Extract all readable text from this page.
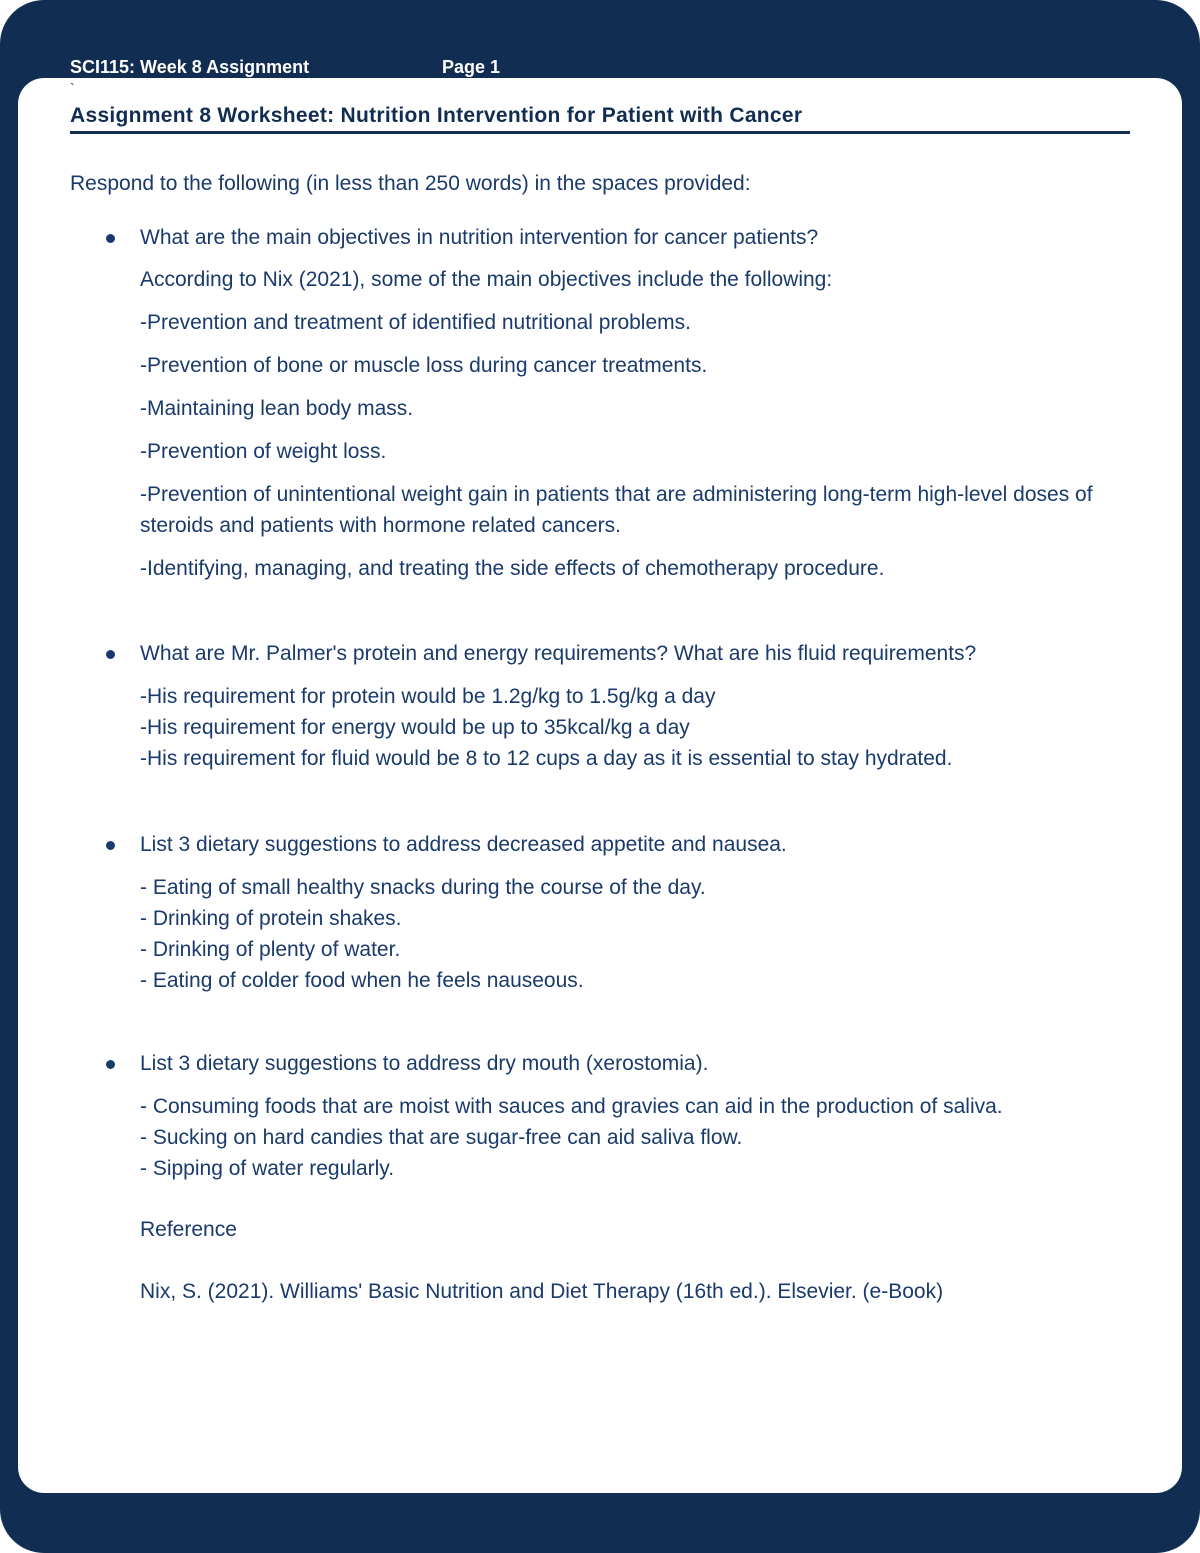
SCI115: Week 8 Assignment	Page 1
`
Assignment 8 Worksheet: Nutrition Intervention for Patient with Cancer
Respond to the following (in less than 250 words) in the spaces provided:
What are the main objectives in nutrition intervention for cancer patients?

According to Nix (2021), some of the main objectives include the following:

-Prevention and treatment of identified nutritional problems.

-Prevention of bone or muscle loss during cancer treatments.

-Maintaining lean body mass.

-Prevention of weight loss.

-Prevention of unintentional weight gain in patients that are administering long-term high-level doses of steroids and patients with hormone related cancers.

-Identifying, managing, and treating the side effects of chemotherapy procedure.

What are Mr. Palmer's protein and energy requirements? What are his fluid requirements?

-His requirement for protein would be 1.2g/kg to 1.5g/kg a day

-His requirement for energy would be up to 35kcal/kg a day

-His requirement for fluid would be 8 to 12 cups a day as it is essential to stay hydrated.

List 3 dietary suggestions to address decreased appetite and nausea.

- Eating of small healthy snacks during the course of the day.

- Drinking of protein shakes.

- Drinking of plenty of water.

- Eating of colder food when he feels nauseous.

List 3 dietary suggestions to address dry mouth (xerostomia).

- Consuming foods that are moist with sauces and gravies can aid in the production of saliva.

- Sucking on hard candies that are sugar-free can aid saliva flow.

- Sipping of water regularly.

Reference
Nix, S. (2021). Williams' Basic Nutrition and Diet Therapy (16th ed.). Elsevier. (e-Book)
